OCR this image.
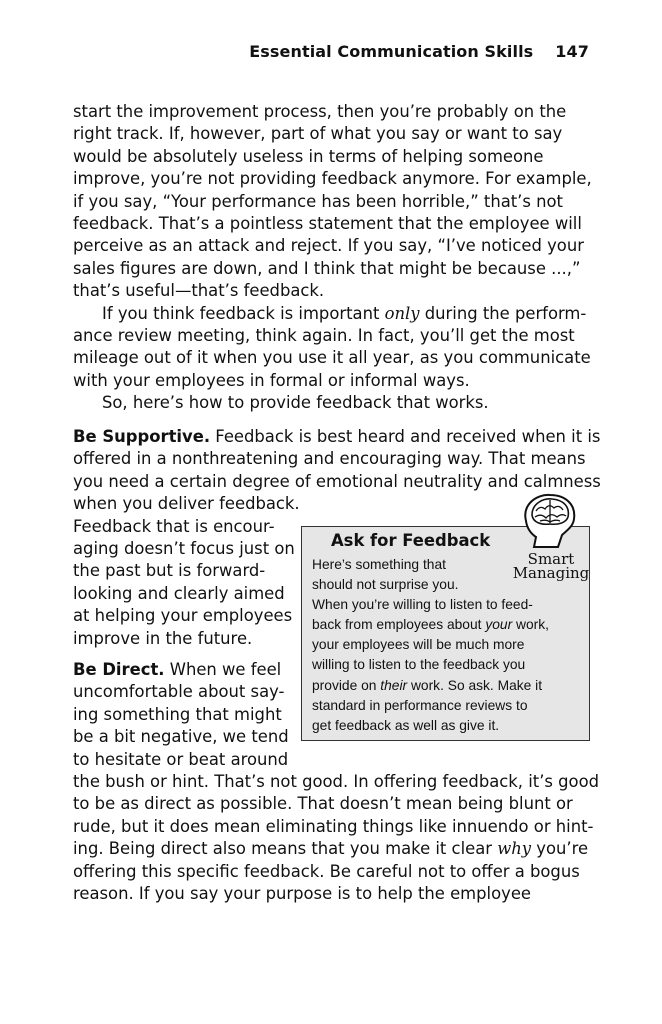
Essential Communication Skills 147
start the improvement process, then you’re probably on the
right track. If, however, part of what you say or want to say
would be absolutely useless in terms of helping someone
improve, you’re not providing feedback anymore. For example,
if you say, “Your performance has been horrible,” that’s not
feedback. That’s a pointless statement that the employee will
perceive as an attack and reject. If you say, “I’ve noticed your
sales figures are down, and I think that might be because ...,”
that’s useful—that’s feedback.
If you think feedback is important only during the perform-
ance review meeting, think again. In fact, you’ll get the most
mileage out of it when you use it all year, as you communicate
with your employees in formal or informal ways.
So, here’s how to provide feedback that works.
Be Supportive. Feedback is best heard and received when it is
offered in a nonthreatening and encouraging way. That means
you need a certain degree of emotional neutrality and calmness
when you deliver feedback.
Feedback that is encour-
aging doesn’t focus just on
the past but is forward-
looking and clearly aimed
at helping your employees
improve in the future.
Be Direct. When we feel
uncomfortable about say-
ing something that might
be a bit negative, we tend
to hesitate or beat around
the bush or hint. That’s not good. In offering feedback, it’s good
to be as direct as possible. That doesn’t mean being blunt or
rude, but it does mean eliminating things like innuendo or hint-
ing. Being direct also means that you make it clear why you’re
offering this specific feedback. Be careful not to offer a bogus
reason. If you say your purpose is to help the employee
Ask for Feedback
Here’s something that
should not surprise you.
When you’re willing to listen to feed-
back from employees about your work,
your employees will be much more
willing to listen to the feedback you
provide on their work. So ask. Make it
standard in performance reviews to
get feedback as well as give it.
Smart
Managing
